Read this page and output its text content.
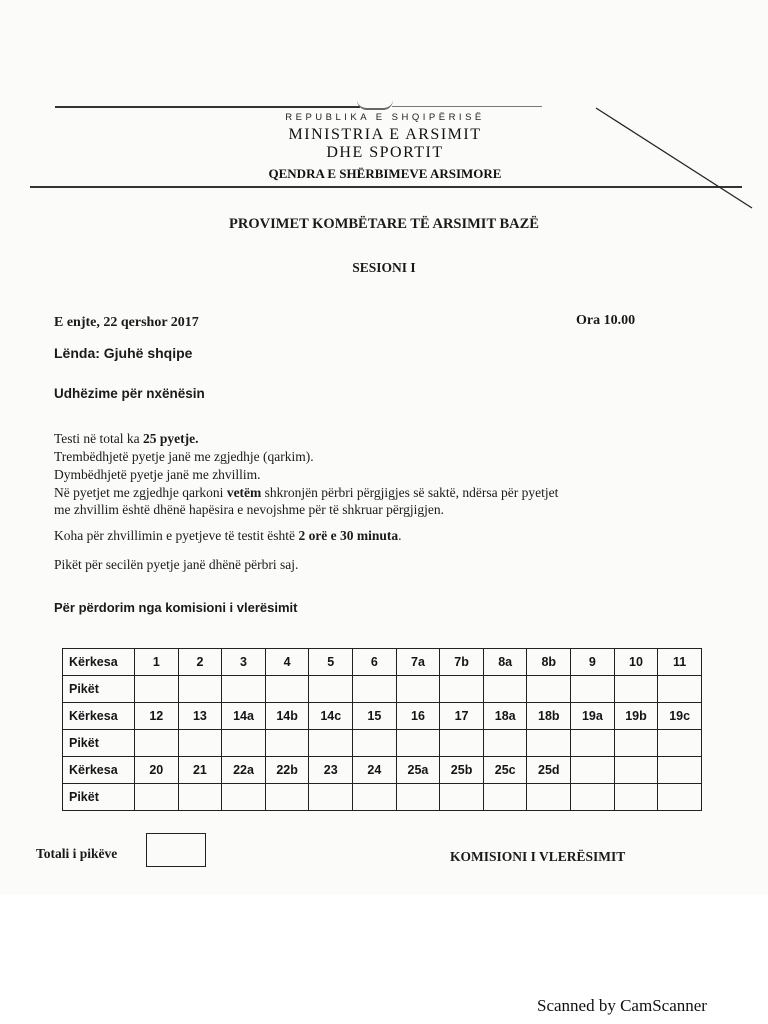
REPUBLIKA E SHQIPËRISË
MINISTRIA E ARSIMIT
DHE SPORTIT
QENDRA E SHËRBIMEVE ARSIMORE
PROVIMET KOMBËTARE TË ARSIMIT BAZË
SESIONI I
E enjte, 22 qershor 2017	Ora 10.00
Lënda: Gjuhë shqipe
Udhëzime për nxënësin
Testi në total ka 25 pyetje.
Trembëdhjetë pyetje janë me zgjedhje (qarkim).
Dymbëdhjetë pyetje janë me zhvillim.
Në pyetjet me zgjedhje qarkoni vetëm shkronjën përbri përgjigjes së saktë, ndërsa për pyetjet
me zhvillim është dhënë hapësira e nevojshme për të shkruar përgjigjen.
Koha për zhvillimin e pyetjeve të testit është 2 orë e 30 minuta.
Pikët për secilën pyetje janë dhënë përbri saj.
Për përdorim nga komisioni i vlerësimit
Kërkesa	1	2	3	4	5	6	7a	7b	8a	8b	9	10	11
Pikët													
Kërkesa	12	13	14a	14b	14c	15	16	17	18a	18b	19a	19b	19c
Pikët													
Kërkesa	20	21	22a	22b	23	24	25a	25b	25c	25d			
Pikët													
Totali i pikëve	KOMISIONI I VLERËSIMIT
Scanned by CamScanner
